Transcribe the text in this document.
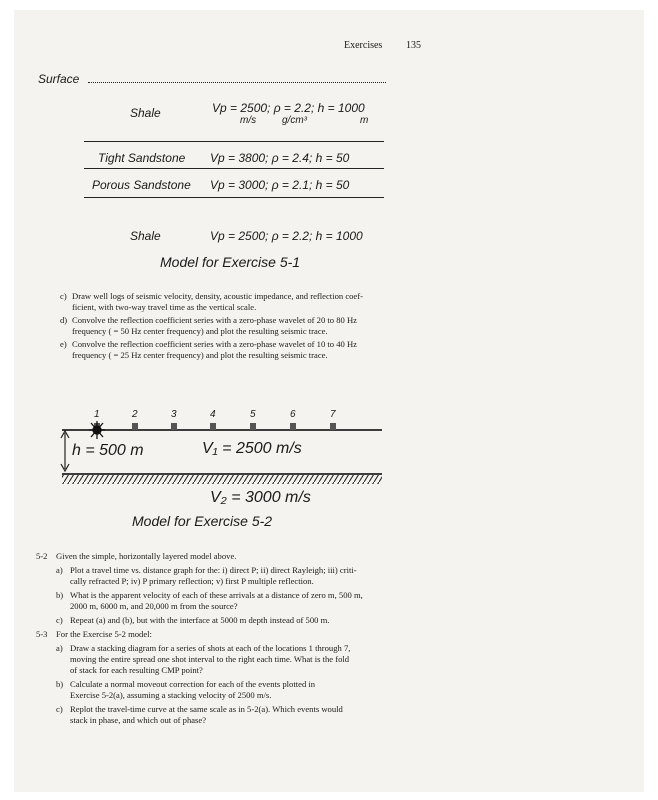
Exercises 135
Surface
Shale	Vp = 2500; ρ = 2.2; h = 1000
m/s	g/cm³	m
Tight Sandstone Vp = 3800; ρ = 2.4; h = 50
Porous Sandstone Vp = 3000; ρ = 2.1; h = 50
Shale	Vp = 2500; ρ = 2.2; h = 1000
Model for Exercise 5-1
c) Draw well logs of seismic velocity, density, acoustic impedance, and reflection coef-
ficient, with two-way travel time as the vertical scale.
d) Convolve the reflection coefficient series with a zero-phase wavelet of 20 to 80 Hz
frequency ( = 50 Hz center frequency) and plot the resulting seismic trace.
e) Convolve the reflection coefficient series with a zero-phase wavelet of 10 to 40 Hz
frequency ( = 25 Hz center frequency) and plot the resulting seismic trace.
1	2	3	4	5	6	7
h = 500 m	V₁ = 2500 m/s
V₂ = 3000 m/s
Model for Exercise 5-2
5-2 Given the simple, horizontally layered model above.
a) Plot a travel time vs. distance graph for the: i) direct P; ii) direct Rayleigh; iii) criti-
cally refracted P; iv) P primary reflection; v) first P multiple reflection.
b) What is the apparent velocity of each of these arrivals at a distance of zero m, 500 m,
2000 m, 6000 m, and 20,000 m from the source?
c) Repeat (a) and (b), but with the interface at 5000 m depth instead of 500 m.
5-3 For the Exercise 5-2 model:
a) Draw a stacking diagram for a series of shots at each of the locations 1 through 7,
moving the entire spread one shot interval to the right each time. What is the fold
of stack for each resulting CMP point?
b) Calculate a normal moveout correction for each of the events plotted in
Exercise 5-2(a), assuming a stacking velocity of 2500 m/s.
c) Replot the travel-time curve at the same scale as in 5-2(a). Which events would
stack in phase, and which out of phase?
